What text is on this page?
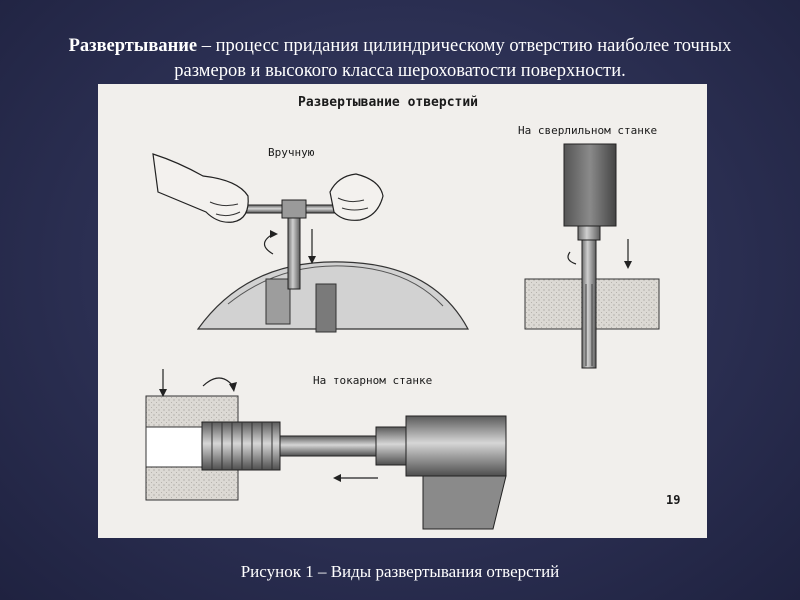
Развертывание – процесс придания цилиндрическому отверстию наиболее точных размеров и высокого класса шероховатости поверхности.
Развертывание отверстий
Вручную
На сверлильном станке
На токарном станке
19
Рисунок 1 – Виды развертывания отверстий
